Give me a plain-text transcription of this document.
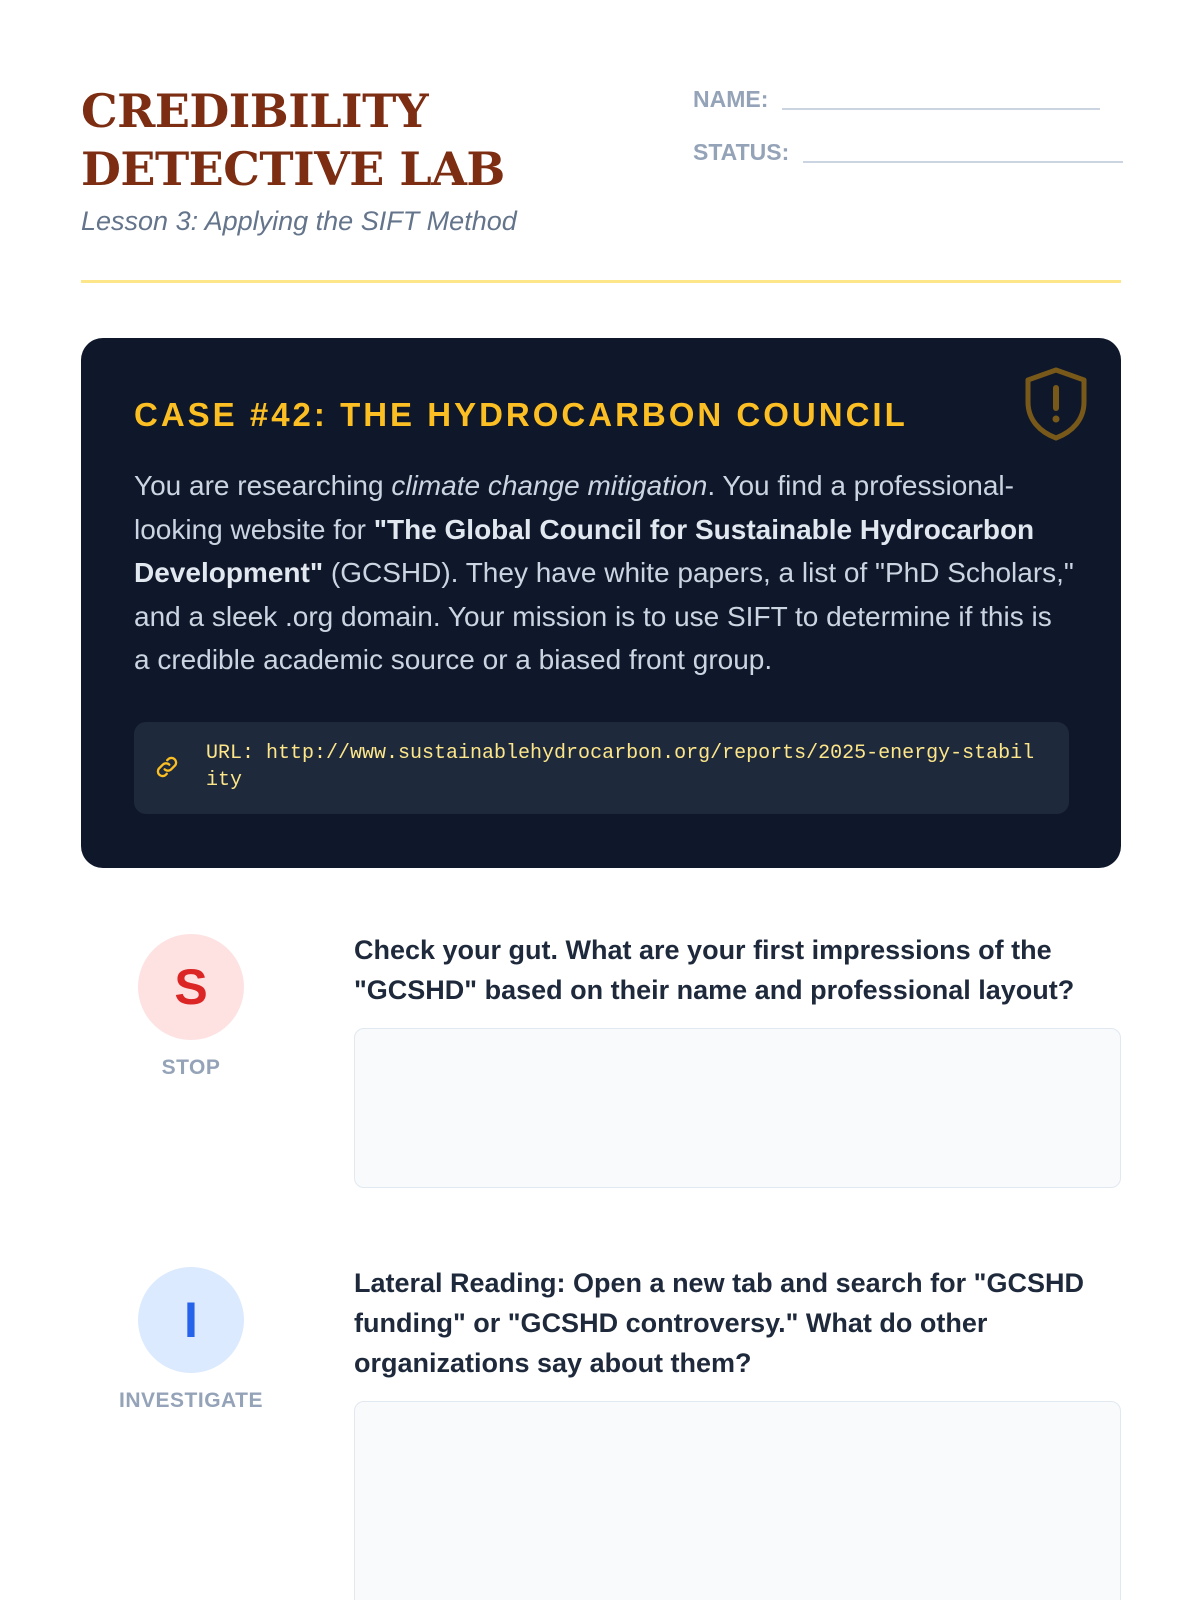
CREDIBILITY DETECTIVE LAB
Lesson 3: Applying the SIFT Method
NAME:
STATUS:
CASE #42: THE HYDROCARBON COUNCIL

You are researching climate change mitigation. You find a professional-looking website for "The Global Council for Sustainable Hydrocarbon Development" (GCSHD). They have white papers, a list of "PhD Scholars," and a sleek .org domain. Your mission is to use SIFT to determine if this is a credible academic source or a biased front group.

URL: http://www.sustainablehydrocarbon.org/reports/2025-energy-stability
S
STOP
Check your gut. What are your first impressions of the "GCSHD" based on their name and professional layout?
I
INVESTIGATE
Lateral Reading: Open a new tab and search for "GCSHD funding" or "GCSHD controversy." What do other organizations say about them?
